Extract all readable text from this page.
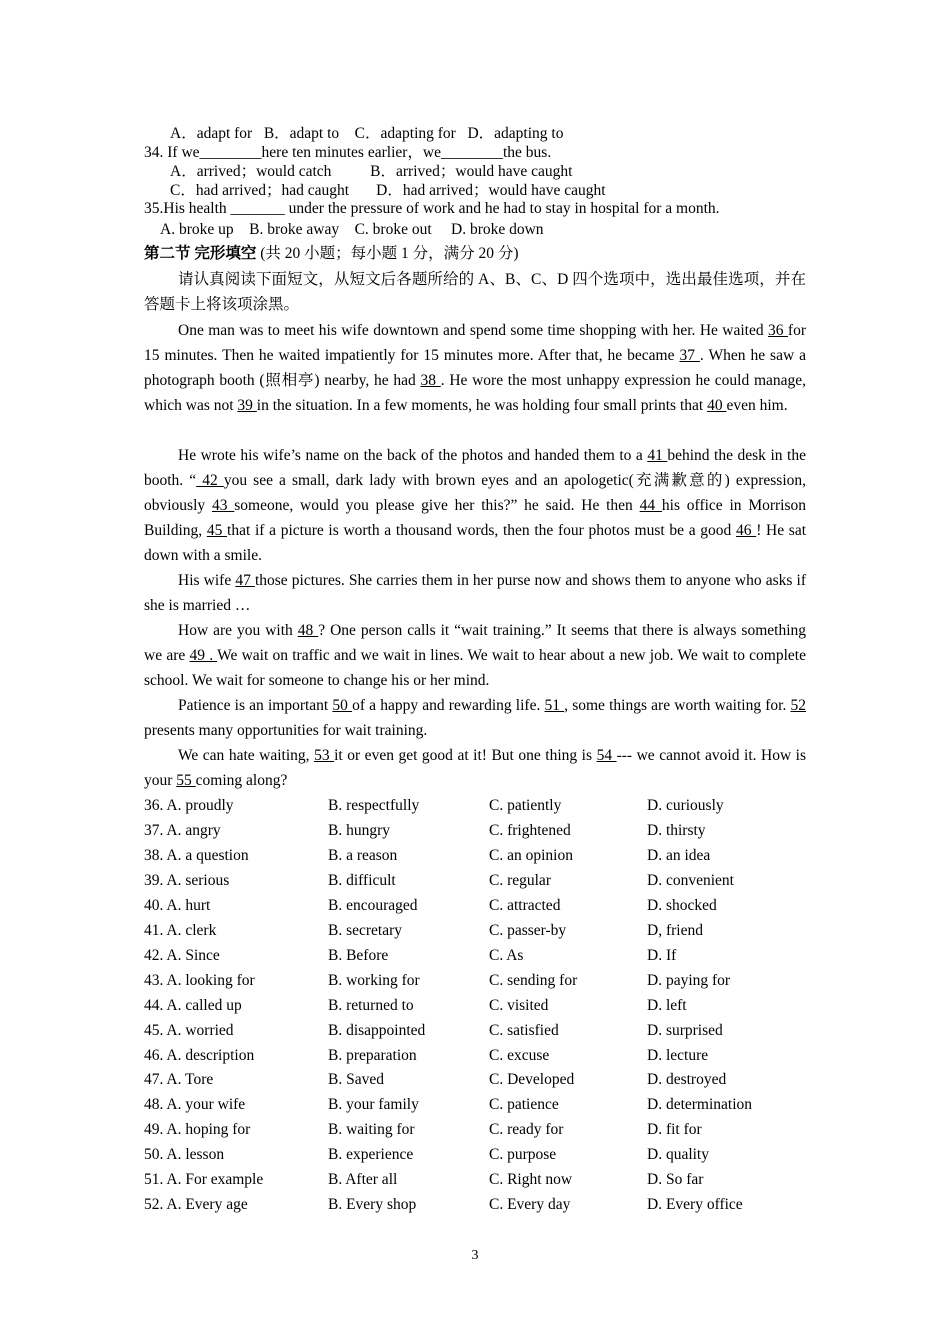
A．adapt for   B．adapt to    C．adapting for   D．adapting to
34. If we________here ten minutes earlier，we________the bus.
A．arrived；would catch          B．arrived；would have caught
C．had arrived；had caught       D．had arrived；would have caught
35.His health _______ under the pressure of work and he had to stay in hospital for a month.
A. broke up    B. broke away    C. broke out     D. broke down
第二节 完形填空 (共 20 小题；每小题 1 分，满分 20 分)
请认真阅读下面短文，从短文后各题所给的 A、B、C、D 四个选项中，选出最佳选项，并在答题卡上将该项涂黑。
One man was to meet his wife downtown and spend some time shopping with her. He waited 36 for 15 minutes. Then he waited impatiently for 15 minutes more. After that, he became 37 . When he saw a photograph booth (照相亭) nearby, he had 38 . He wore the most unhappy expression he could manage, which was not 39 in the situation. In a few moments, he was holding four small prints that 40 even him.
He wrote his wife’s name on the back of the photos and handed them to a 41 behind the desk in the booth. “ 42 you see a small, dark lady with brown eyes and an apologetic(充满歉意的) expression, obviously 43 someone, would you please give her this?” he said. He then 44 his office in Morrison Building, 45 that if a picture is worth a thousand words, then the four photos must be a good 46 ! He sat down with a smile.
His wife 47 those pictures. She carries them in her purse now and shows them to anyone who asks if she is married …
How are you with 48 ? One person calls it “wait training.” It seems that there is always something we are 49 . We wait on traffic and we wait in lines. We wait to hear about a new job. We wait to complete school. We wait for someone to change his or her mind.
Patience is an important 50 of a happy and rewarding life. 51 , some things are worth waiting for. 52 presents many opportunities for wait training.
We can hate waiting, 53 it or even get good at it! But one thing is 54 --- we cannot avoid it. How is your 55 coming along?
36. A. proudly	B. respectfully	C. patiently	D. curiously
37. A. angry	B. hungry	C. frightened	D. thirsty
38. A. a question	B. a reason	C. an opinion	D. an idea
39. A. serious	B. difficult	C. regular	D. convenient
40. A. hurt	B. encouraged	C. attracted	D. shocked
41. A. clerk	B. secretary	C. passer-by	D, friend
42. A. Since	B. Before	C. As	D. If
43. A. looking for	B. working for	C. sending for	D. paying for
44. A. called up	B. returned to	C. visited	D. left
45. A. worried	B. disappointed	C. satisfied	D. surprised
46. A. description	B. preparation	C. excuse	D. lecture
47. A. Tore	B. Saved	C. Developed	D. destroyed
48. A. your wife	B. your family	C. patience	D. determination
49. A. hoping for	B. waiting for	C. ready for	D. fit for
50. A. lesson	B. experience	C. purpose	D. quality
51. A. For example	B. After all	C. Right now	D. So far
52. A. Every age	B. Every shop	C. Every day	D. Every office
3
